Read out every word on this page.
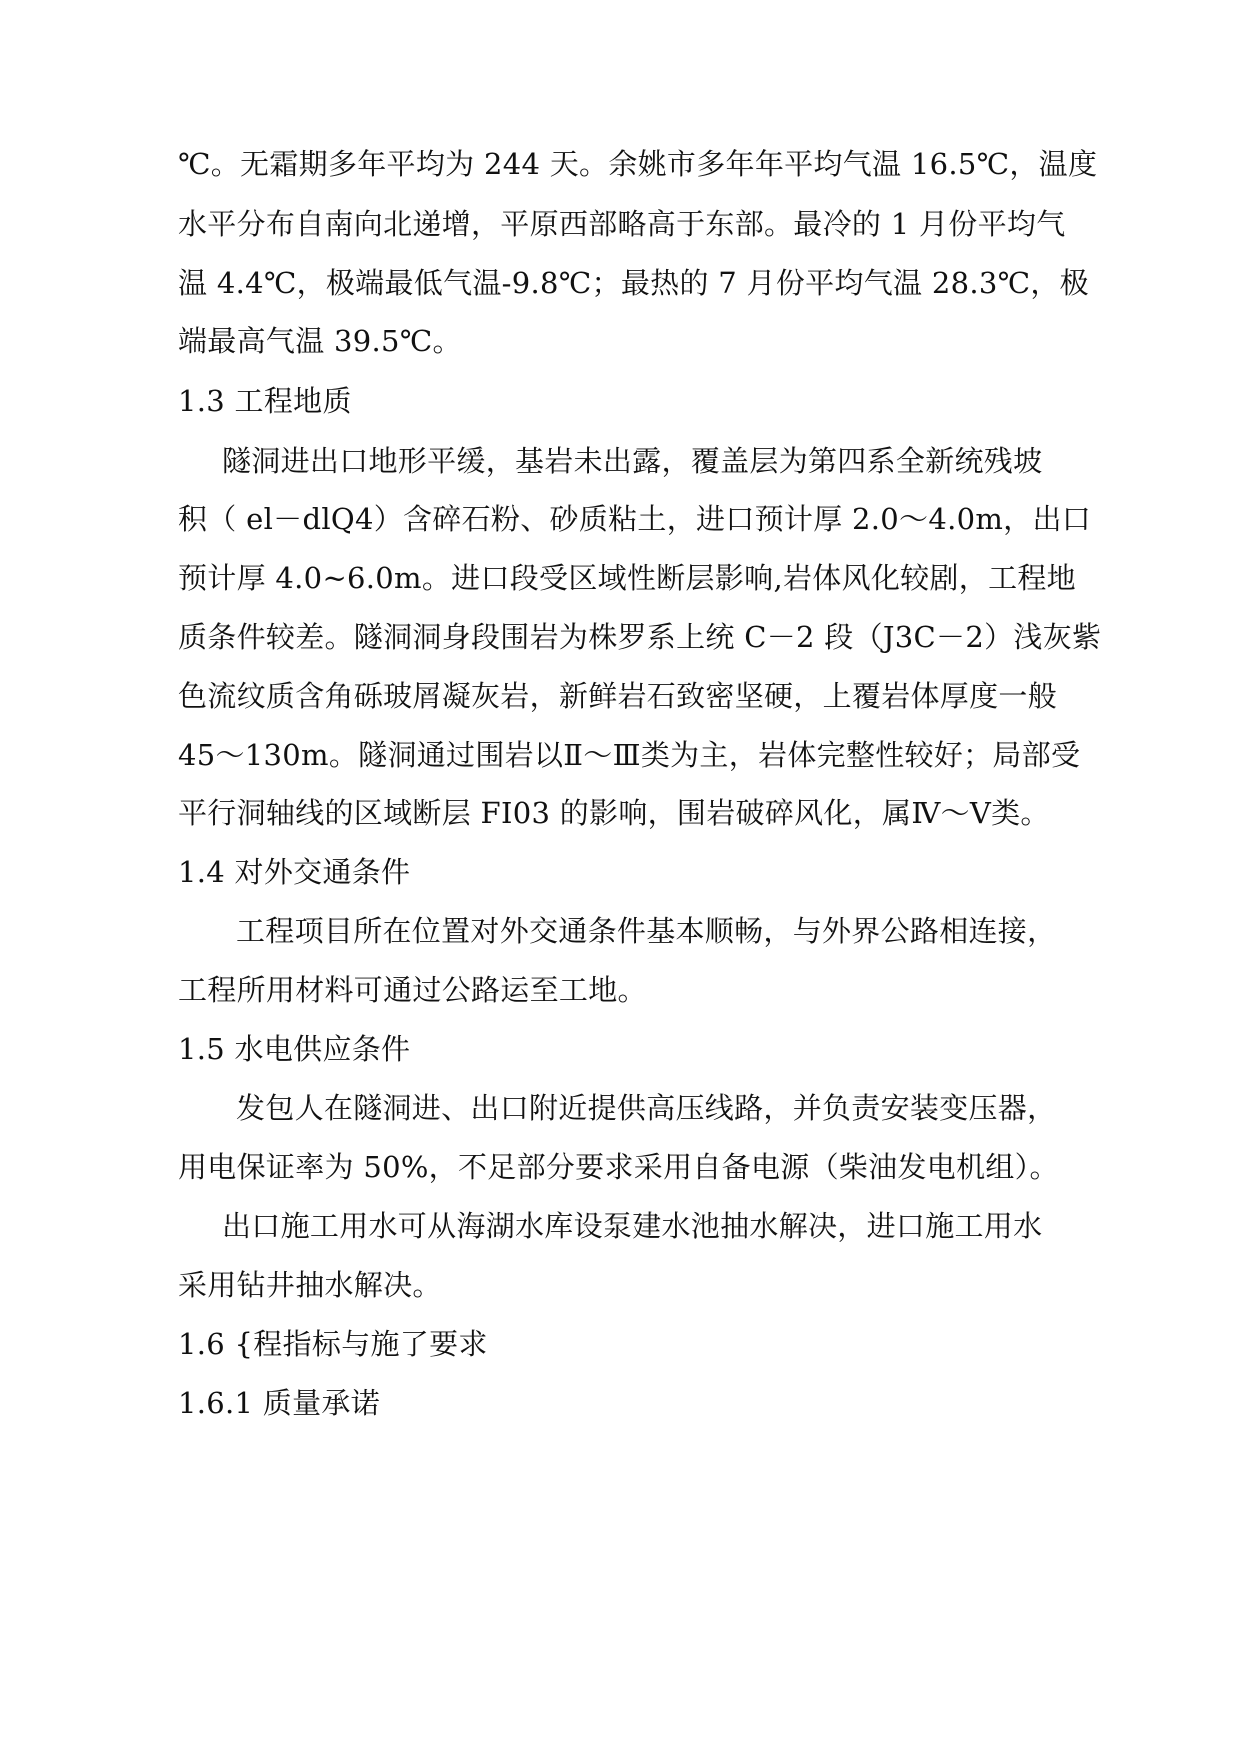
℃。无霜期多年平均为 244 天。余姚市多年年平均气温 16.5℃，温度
水平分布自南向北递增，平原西部略高于东部。最冷的 1 月份平均气
温 4.4℃，极端最低气温-9.8℃；最热的 7 月份平均气温 28.3℃，极
端最高气温 39.5℃。
1.3 工程地质
隧洞进出口地形平缓，基岩未出露，覆盖层为第四系全新统残坡
积（ el－dlQ4）含碎石粉、砂质粘土，进口预计厚 2.0～4.0m，出口
预计厚 4.0~6.0m。进口段受区域性断层影响,岩体风化较剧，工程地
质条件较差。隧洞洞身段围岩为株罗系上统 C－2 段（J3C－2）浅灰紫
色流纹质含角砾玻屑凝灰岩，新鲜岩石致密坚硬，上覆岩体厚度一般
45～130m。隧洞通过围岩以Ⅱ～Ⅲ类为主，岩体完整性较好；局部受
平行洞轴线的区域断层 FI03 的影响，围岩破碎风化，属Ⅳ～Ⅴ类。
1.4 对外交通条件
工程项目所在位置对外交通条件基本顺畅，与外界公路相连接，
工程所用材料可通过公路运至工地。
1.5 水电供应条件
发包人在隧洞进、出口附近提供高压线路，并负责安装变压器，
用电保证率为 50%，不足部分要求采用自备电源（柴油发电机组）。
出口施工用水可从海湖水库设泵建水池抽水解决，进口施工用水
采用钻井抽水解决。
1.6 {程指标与施了要求
1.6.1 质量承诺
